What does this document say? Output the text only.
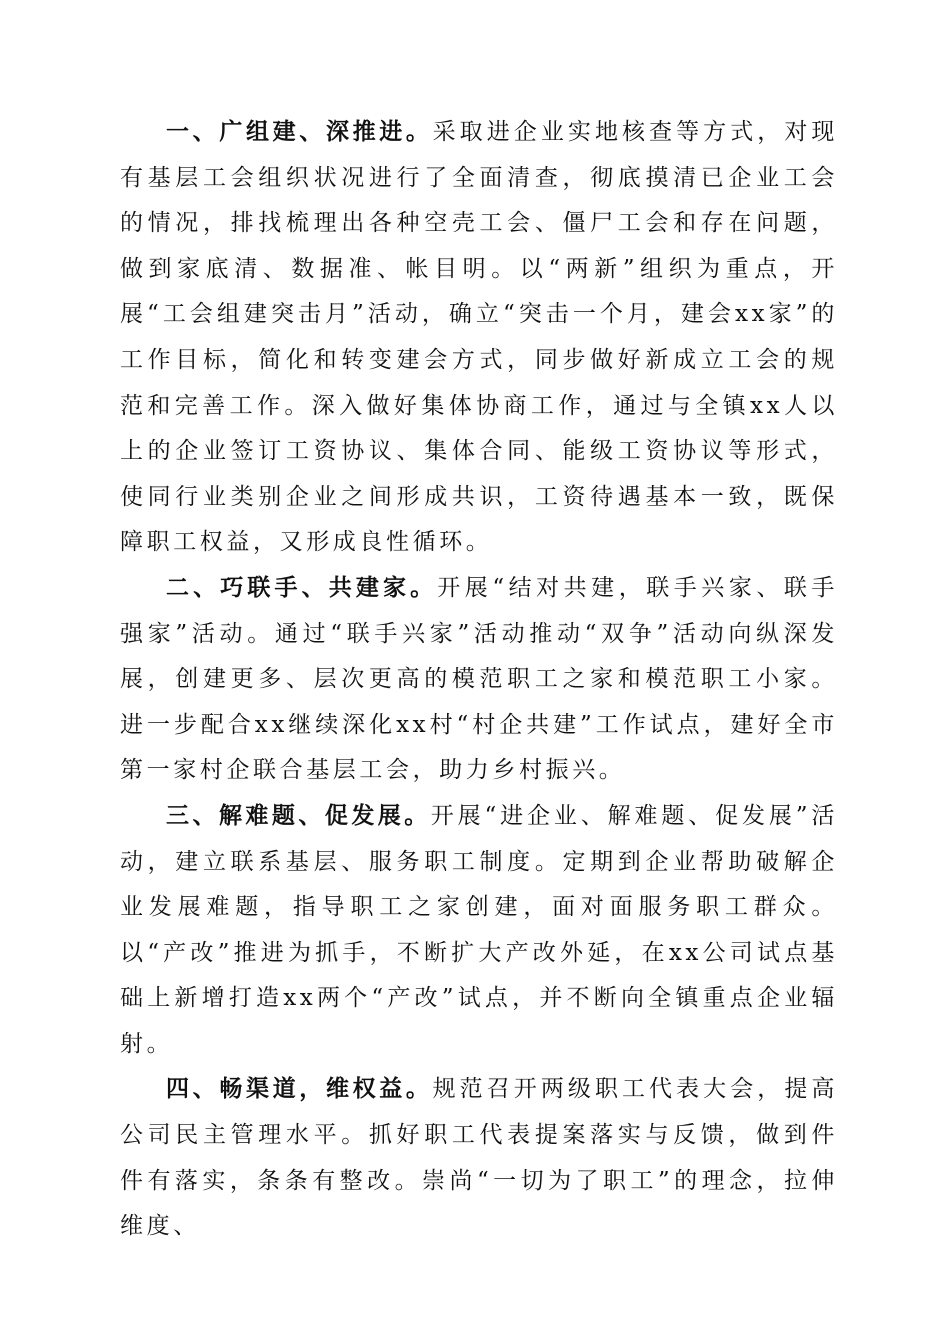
一、广组建、深推进。采取进企业实地核查等方式，对现有基层工会组织状况进行了全面清查，彻底摸清已企业工会的情况，排找梳理出各种空壳工会、僵尸工会和存在问题，做到家底清、数据准、帐目明。以“两新”组织为重点，开展“工会组建突击月”活动，确立“突击一个月，建会xx家”的工作目标，简化和转变建会方式，同步做好新成立工会的规范和完善工作。深入做好集体协商工作，通过与全镇xx人以上的企业签订工资协议、集体合同、能级工资协议等形式，使同行业类别企业之间形成共识，工资待遇基本一致，既保障职工权益，又形成良性循环。

二、巧联手、共建家。开展“结对共建，联手兴家、联手强家”活动。通过“联手兴家”活动推动“双争”活动向纵深发展，创建更多、层次更高的模范职工之家和模范职工小家。进一步配合xx继续深化xx村“村企共建”工作试点，建好全市第一家村企联合基层工会，助力乡村振兴。

三、解难题、促发展。开展“进企业、解难题、促发展”活动，建立联系基层、服务职工制度。定期到企业帮助破解企业发展难题，指导职工之家创建，面对面服务职工群众。以“产改”推进为抓手，不断扩大产改外延，在xx公司试点基础上新增打造xx两个“产改”试点，并不断向全镇重点企业辐射。

四、畅渠道，维权益。规范召开两级职工代表大会，提高公司民主管理水平。抓好职工代表提案落实与反馈，做到件件有落实，条条有整改。崇尚“一切为了职工”的理念，拉伸维度、
